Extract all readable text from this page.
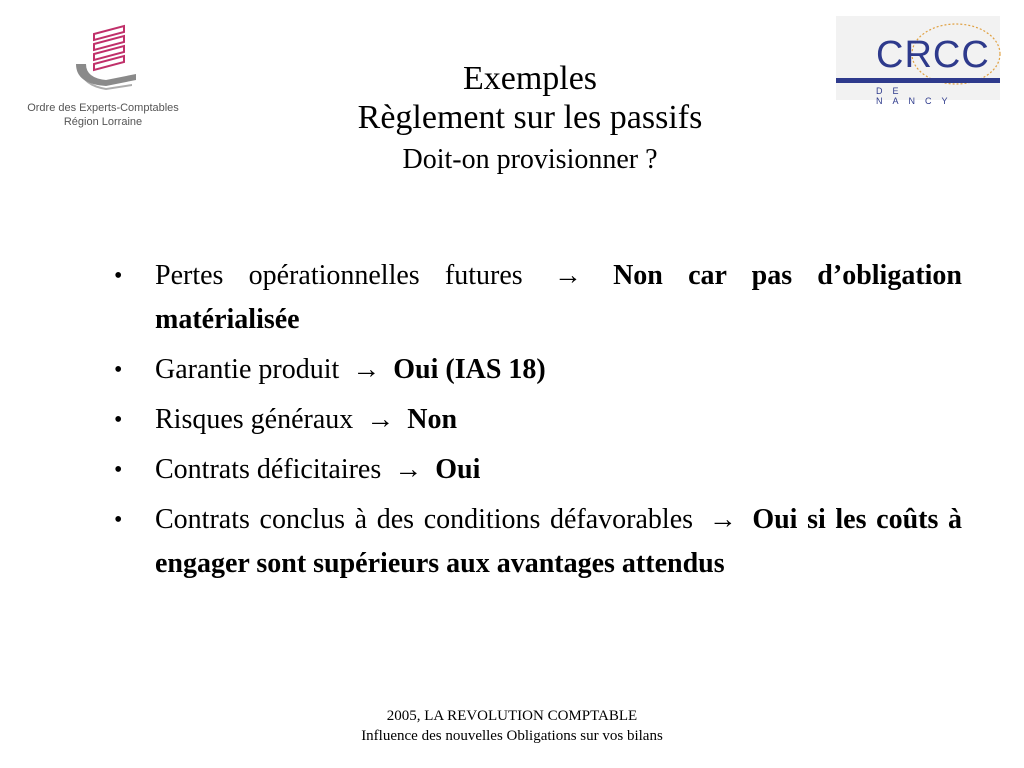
Ordre des Experts-Comptables
Région Lorraine
CRCC
DE NANCY
Exemples
Règlement sur les passifs
Doit-on provisionner ?
• Pertes opérationnelles futures → Non car pas d’obligation matérialisée
• Garantie produit → Oui (IAS 18)
• Risques généraux → Non
• Contrats déficitaires → Oui
• Contrats conclus à des conditions défavorables → Oui si les coûts à engager sont supérieurs aux avantages attendus
2005, LA REVOLUTION COMPTABLE
Influence des nouvelles Obligations sur vos bilans
